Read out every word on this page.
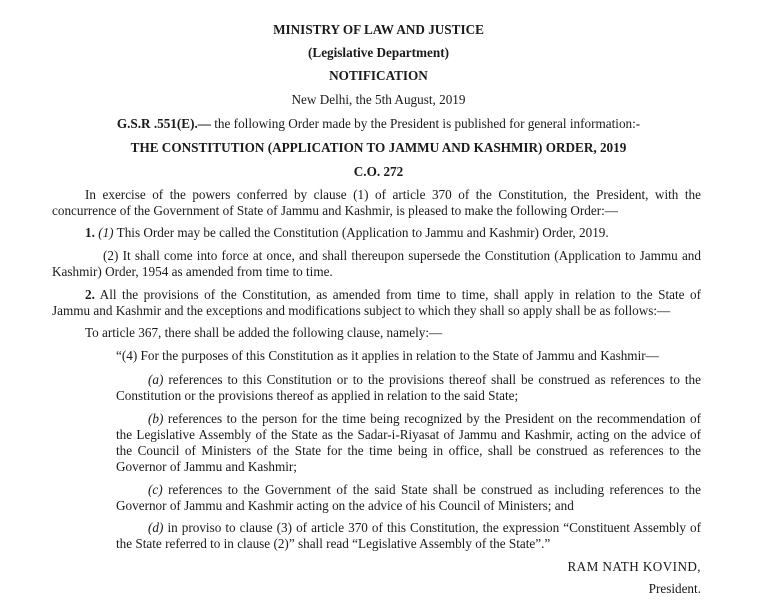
MINISTRY OF LAW AND JUSTICE
(Legislative Department)
NOTIFICATION
New Delhi, the 5th August, 2019
G.S.R .551(E).— the following Order made by the President is published for general information:-
THE CONSTITUTION (APPLICATION TO JAMMU AND KASHMIR) ORDER, 2019
C.O. 272
In exercise of the powers conferred by clause (1) of article 370 of the Constitution, the President, with the
concurrence of the Government of State of Jammu and Kashmir, is pleased to make the following Order:—
1. (1) This Order may be called the Constitution (Application to Jammu and Kashmir) Order, 2019.
(2) It shall come into force at once, and shall thereupon supersede the Constitution (Application to Jammu and
Kashmir) Order, 1954 as amended from time to time.
2. All the provisions of the Constitution, as amended from time to time, shall apply in relation to the State of
Jammu and Kashmir and the exceptions and modifications subject to which they shall so apply shall be as follows:—
To article 367, there shall be added the following clause, namely:—
“(4) For the purposes of this Constitution as it applies in relation to the State of Jammu and Kashmir—
(a) references to this Constitution or to the provisions thereof shall be construed as references to the
Constitution or the provisions thereof as applied in relation to the said State;
(b) references to the person for the time being recognized by the President on the recommendation of
the Legislative Assembly of the State as the Sadar-i-Riyasat of Jammu and Kashmir, acting on the advice of
the Council of Ministers of the State for the time being in office, shall be construed as references to the
Governor of Jammu and Kashmir;
(c) references to the Government of the said State shall be construed as including references to the
Governor of Jammu and Kashmir acting on the advice of his Council of Ministers; and
(d) in proviso to clause (3) of article 370 of this Constitution, the expression “Constituent Assembly of
the State referred to in clause (2)” shall read “Legislative Assembly of the State”.”
RAM NATH KOVIND,
President.
